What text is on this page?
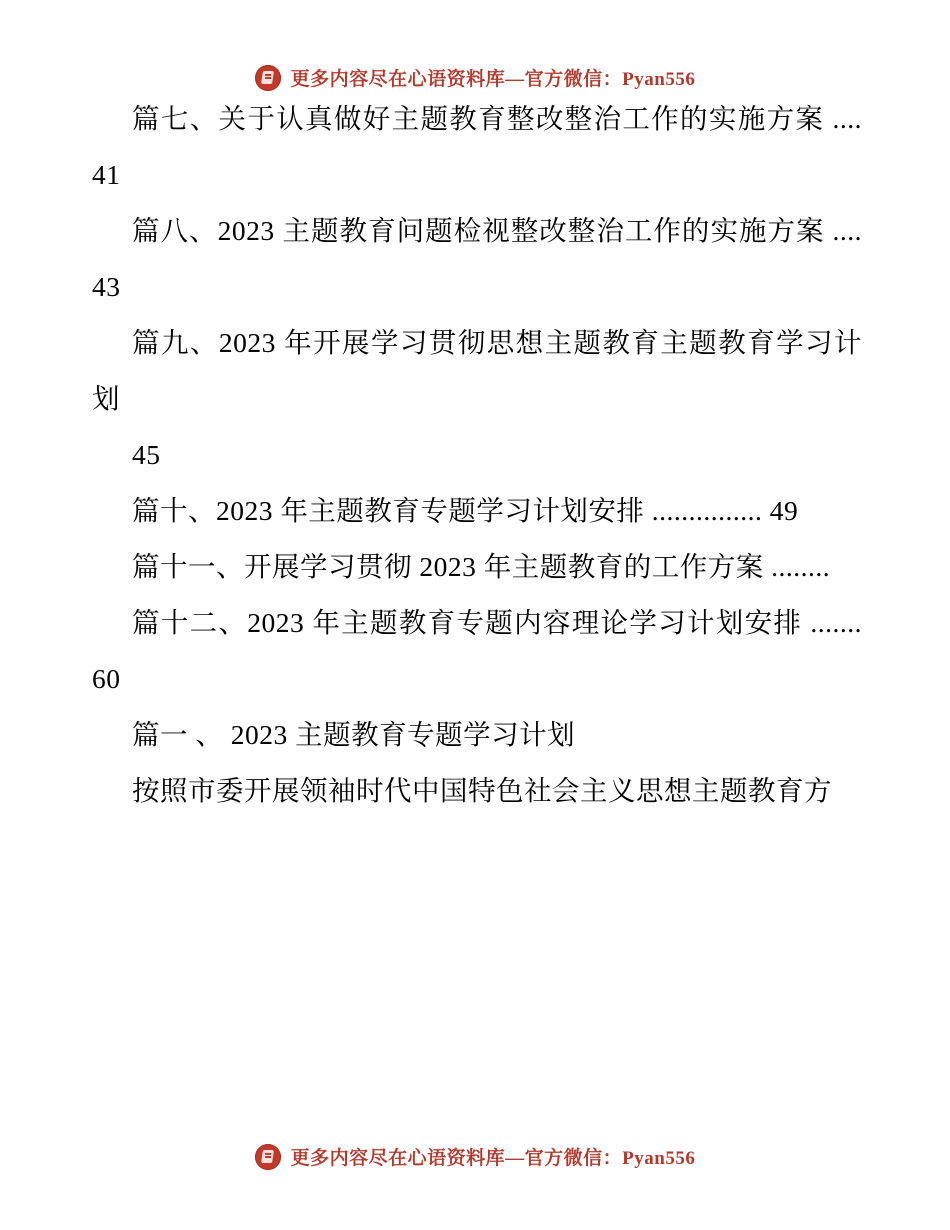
更多内容尽在心语资料库—官方微信：Pyan556

篇七、关于认真做好主题教育整改整治工作的实施方案 .... 41

篇八、2023 主题教育问题检视整改整治工作的实施方案 .... 43

篇九、2023 年开展学习贯彻思想主题教育主题教育学习计划

45

篇十、2023 年主题教育专题学习计划安排 ............... 49

篇十一、开展学习贯彻 2023 年主题教育的工作方案 ........

篇十二、2023 年主题教育专题内容理论学习计划安排 ....... 60

篇一 、 2023 主题教育专题学习计划

按照市委开展领袖时代中国特色社会主义思想主题教育方

更多内容尽在心语资料库—官方微信：Pyan556
